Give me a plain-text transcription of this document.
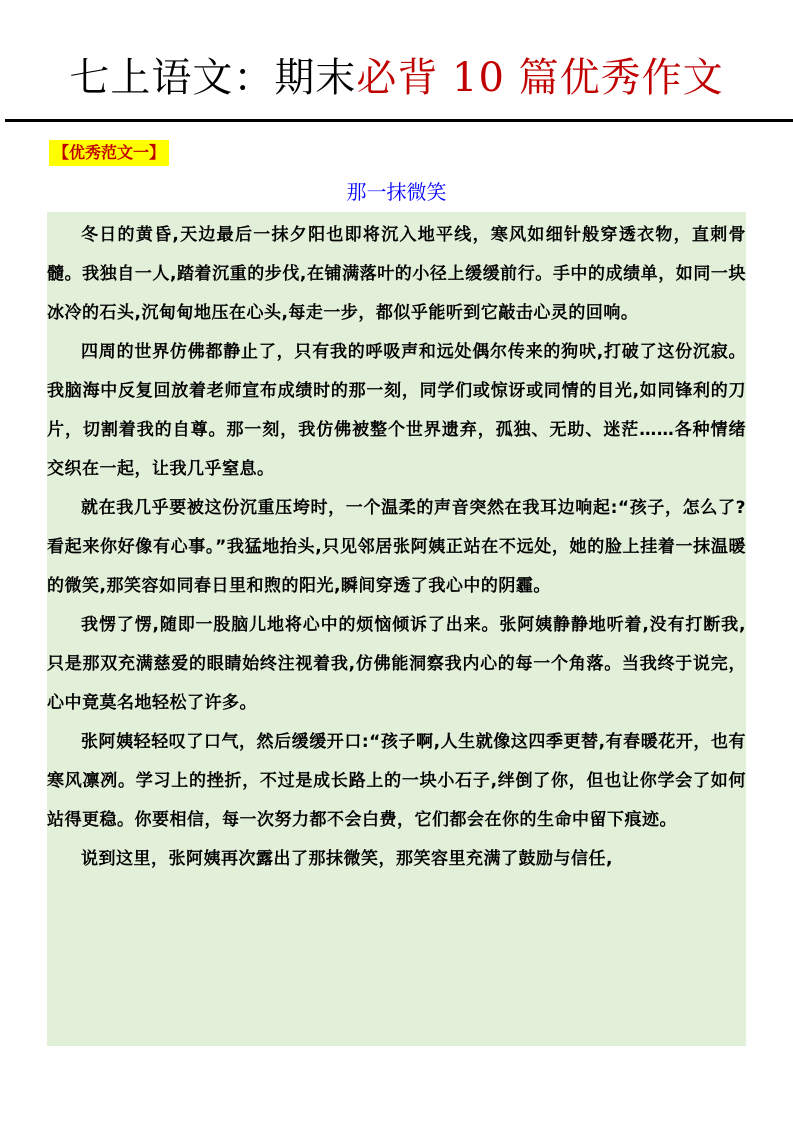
七上语文：期末必背 10 篇优秀作文
【优秀范文一】
那一抹微笑

冬日的黄昏,天边最后一抹夕阳也即将沉入地平线，寒风如细针般穿透衣物，直刺骨髓。我独自一人,踏着沉重的步伐,在铺满落叶的小径上缓缓前行。手中的成绩单，如同一块冰冷的石头,沉甸甸地压在心头,每走一步，都似乎能听到它敲击心灵的回响。

四周的世界仿佛都静止了，只有我的呼吸声和远处偶尔传来的狗吠,打破了这份沉寂。我脑海中反复回放着老师宣布成绩时的那一刻，同学们或惊讶或同情的目光,如同锋利的刀片，切割着我的自尊。那一刻，我仿佛被整个世界遗弃，孤独、无助、迷茫……各种情绪交织在一起，让我几乎窒息。

就在我几乎要被这份沉重压垮时，一个温柔的声音突然在我耳边响起:“孩子，怎么了?看起来你好像有心事。”我猛地抬头,只见邻居张阿姨正站在不远处，她的脸上挂着一抹温暖的微笑,那笑容如同春日里和煦的阳光,瞬间穿透了我心中的阴霾。

我愣了愣,随即一股脑儿地将心中的烦恼倾诉了出来。张阿姨静静地听着,没有打断我,只是那双充满慈爱的眼睛始终注视着我,仿佛能洞察我内心的每一个角落。当我终于说完，心中竟莫名地轻松了许多。

张阿姨轻轻叹了口气，然后缓缓开口:“孩子啊,人生就像这四季更替,有春暖花开，也有寒风凛冽。学习上的挫折，不过是成长路上的一块小石子,绊倒了你，但也让你学会了如何站得更稳。你要相信，每一次努力都不会白费，它们都会在你的生命中留下痕迹。

说到这里，张阿姨再次露出了那抹微笑，那笑容里充满了鼓励与信任,
